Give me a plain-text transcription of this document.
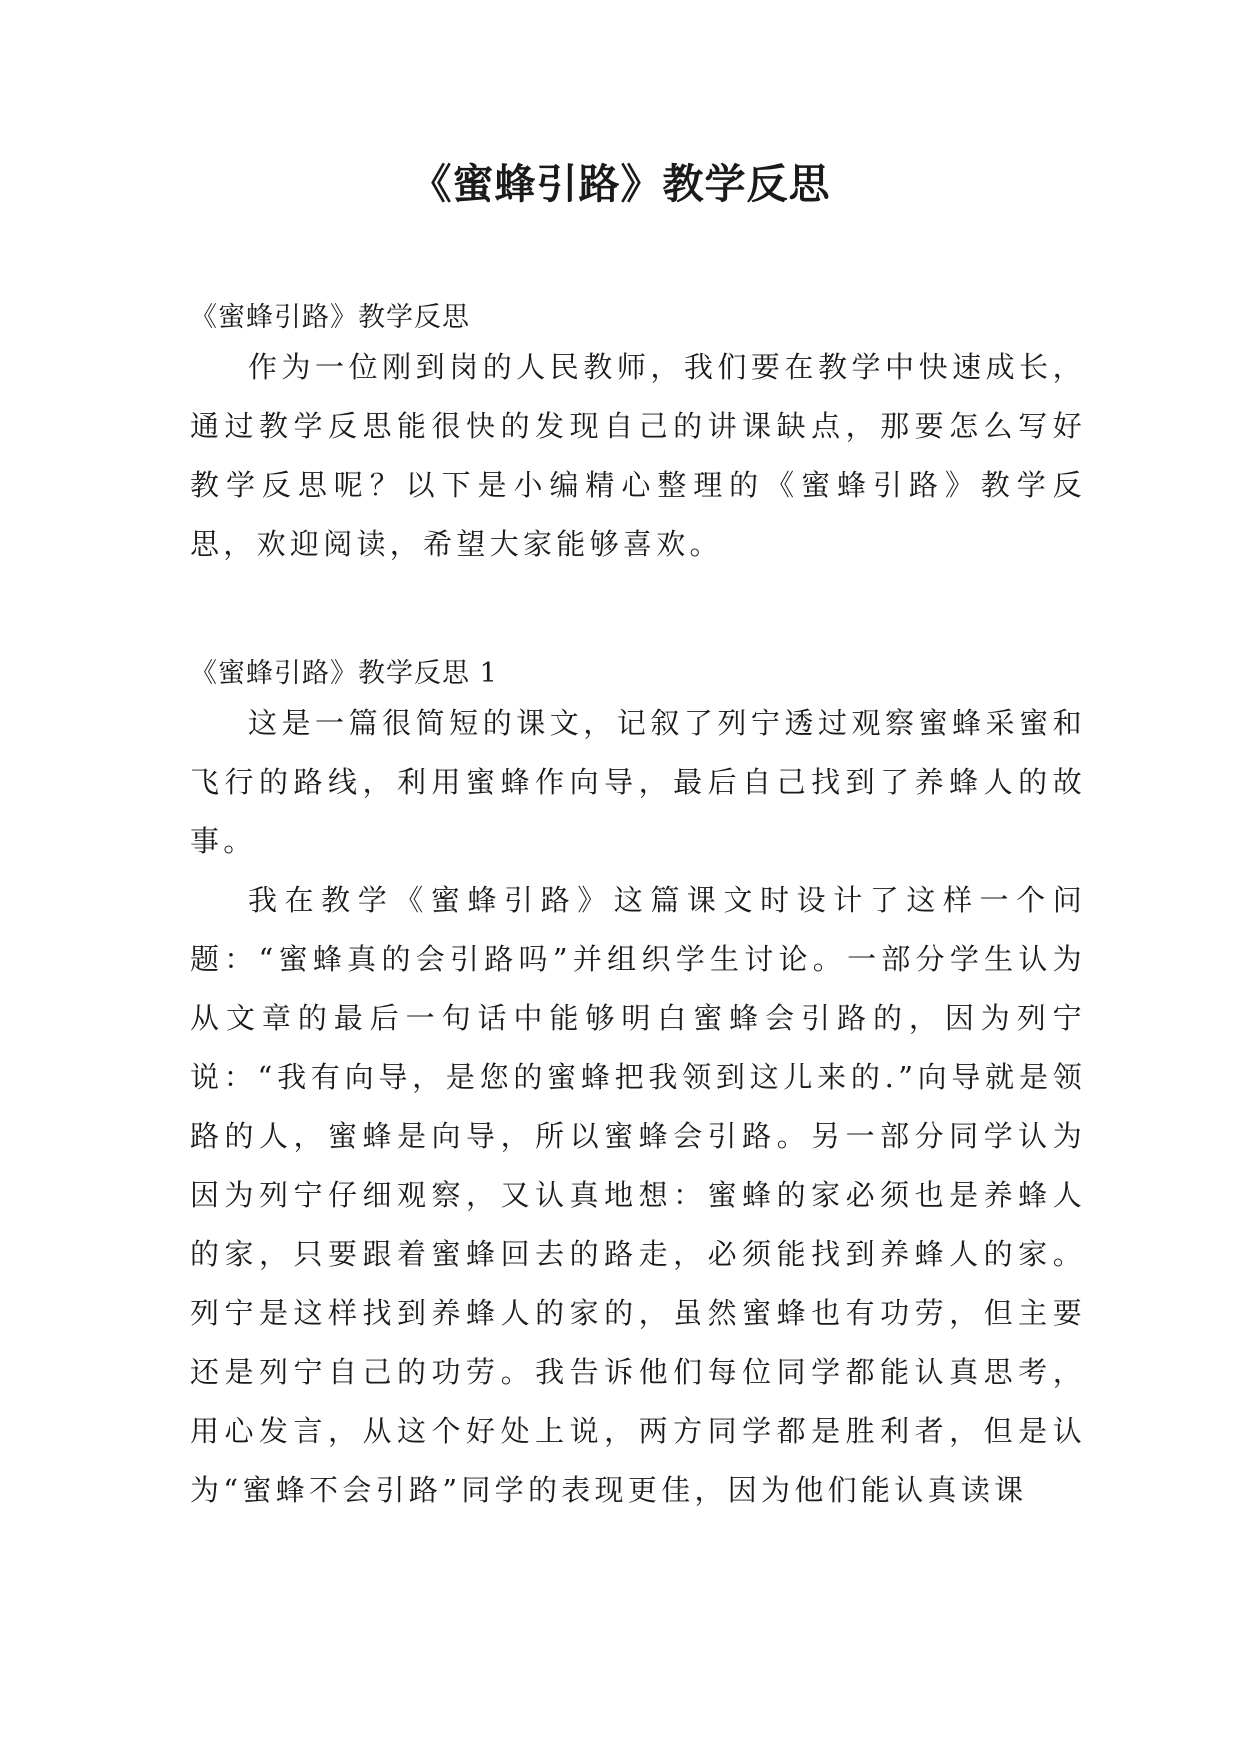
《蜜蜂引路》教学反思
《蜜蜂引路》教学反思

作为一位刚到岗的人民教师，我们要在教学中快速成长，通过教学反思能很快的发现自己的讲课缺点，那要怎么写好教学反思呢？以下是小编精心整理的《蜜蜂引路》教学反思，欢迎阅读，希望大家能够喜欢。

《蜜蜂引路》教学反思 1

这是一篇很简短的课文，记叙了列宁透过观察蜜蜂采蜜和飞行的路线，利用蜜蜂作向导，最后自己找到了养蜂人的故事。

我在教学《蜜蜂引路》这篇课文时设计了这样一个问题：“蜜蜂真的会引路吗”并组织学生讨论。一部分学生认为从文章的最后一句话中能够明白蜜蜂会引路的，因为列宁说：“我有向导，是您的蜜蜂把我领到这儿来的.”向导就是领路的人，蜜蜂是向导，所以蜜蜂会引路。另一部分同学认为因为列宁仔细观察，又认真地想：蜜蜂的家必须也是养蜂人的家，只要跟着蜜蜂回去的路走，必须能找到养蜂人的家。列宁是这样找到养蜂人的家的，虽然蜜蜂也有功劳，但主要还是列宁自己的功劳。我告诉他们每位同学都能认真思考，用心发言，从这个好处上说，两方同学都是胜利者，但是认为“蜜蜂不会引路”同学的表现更佳，因为他们能认真读课
